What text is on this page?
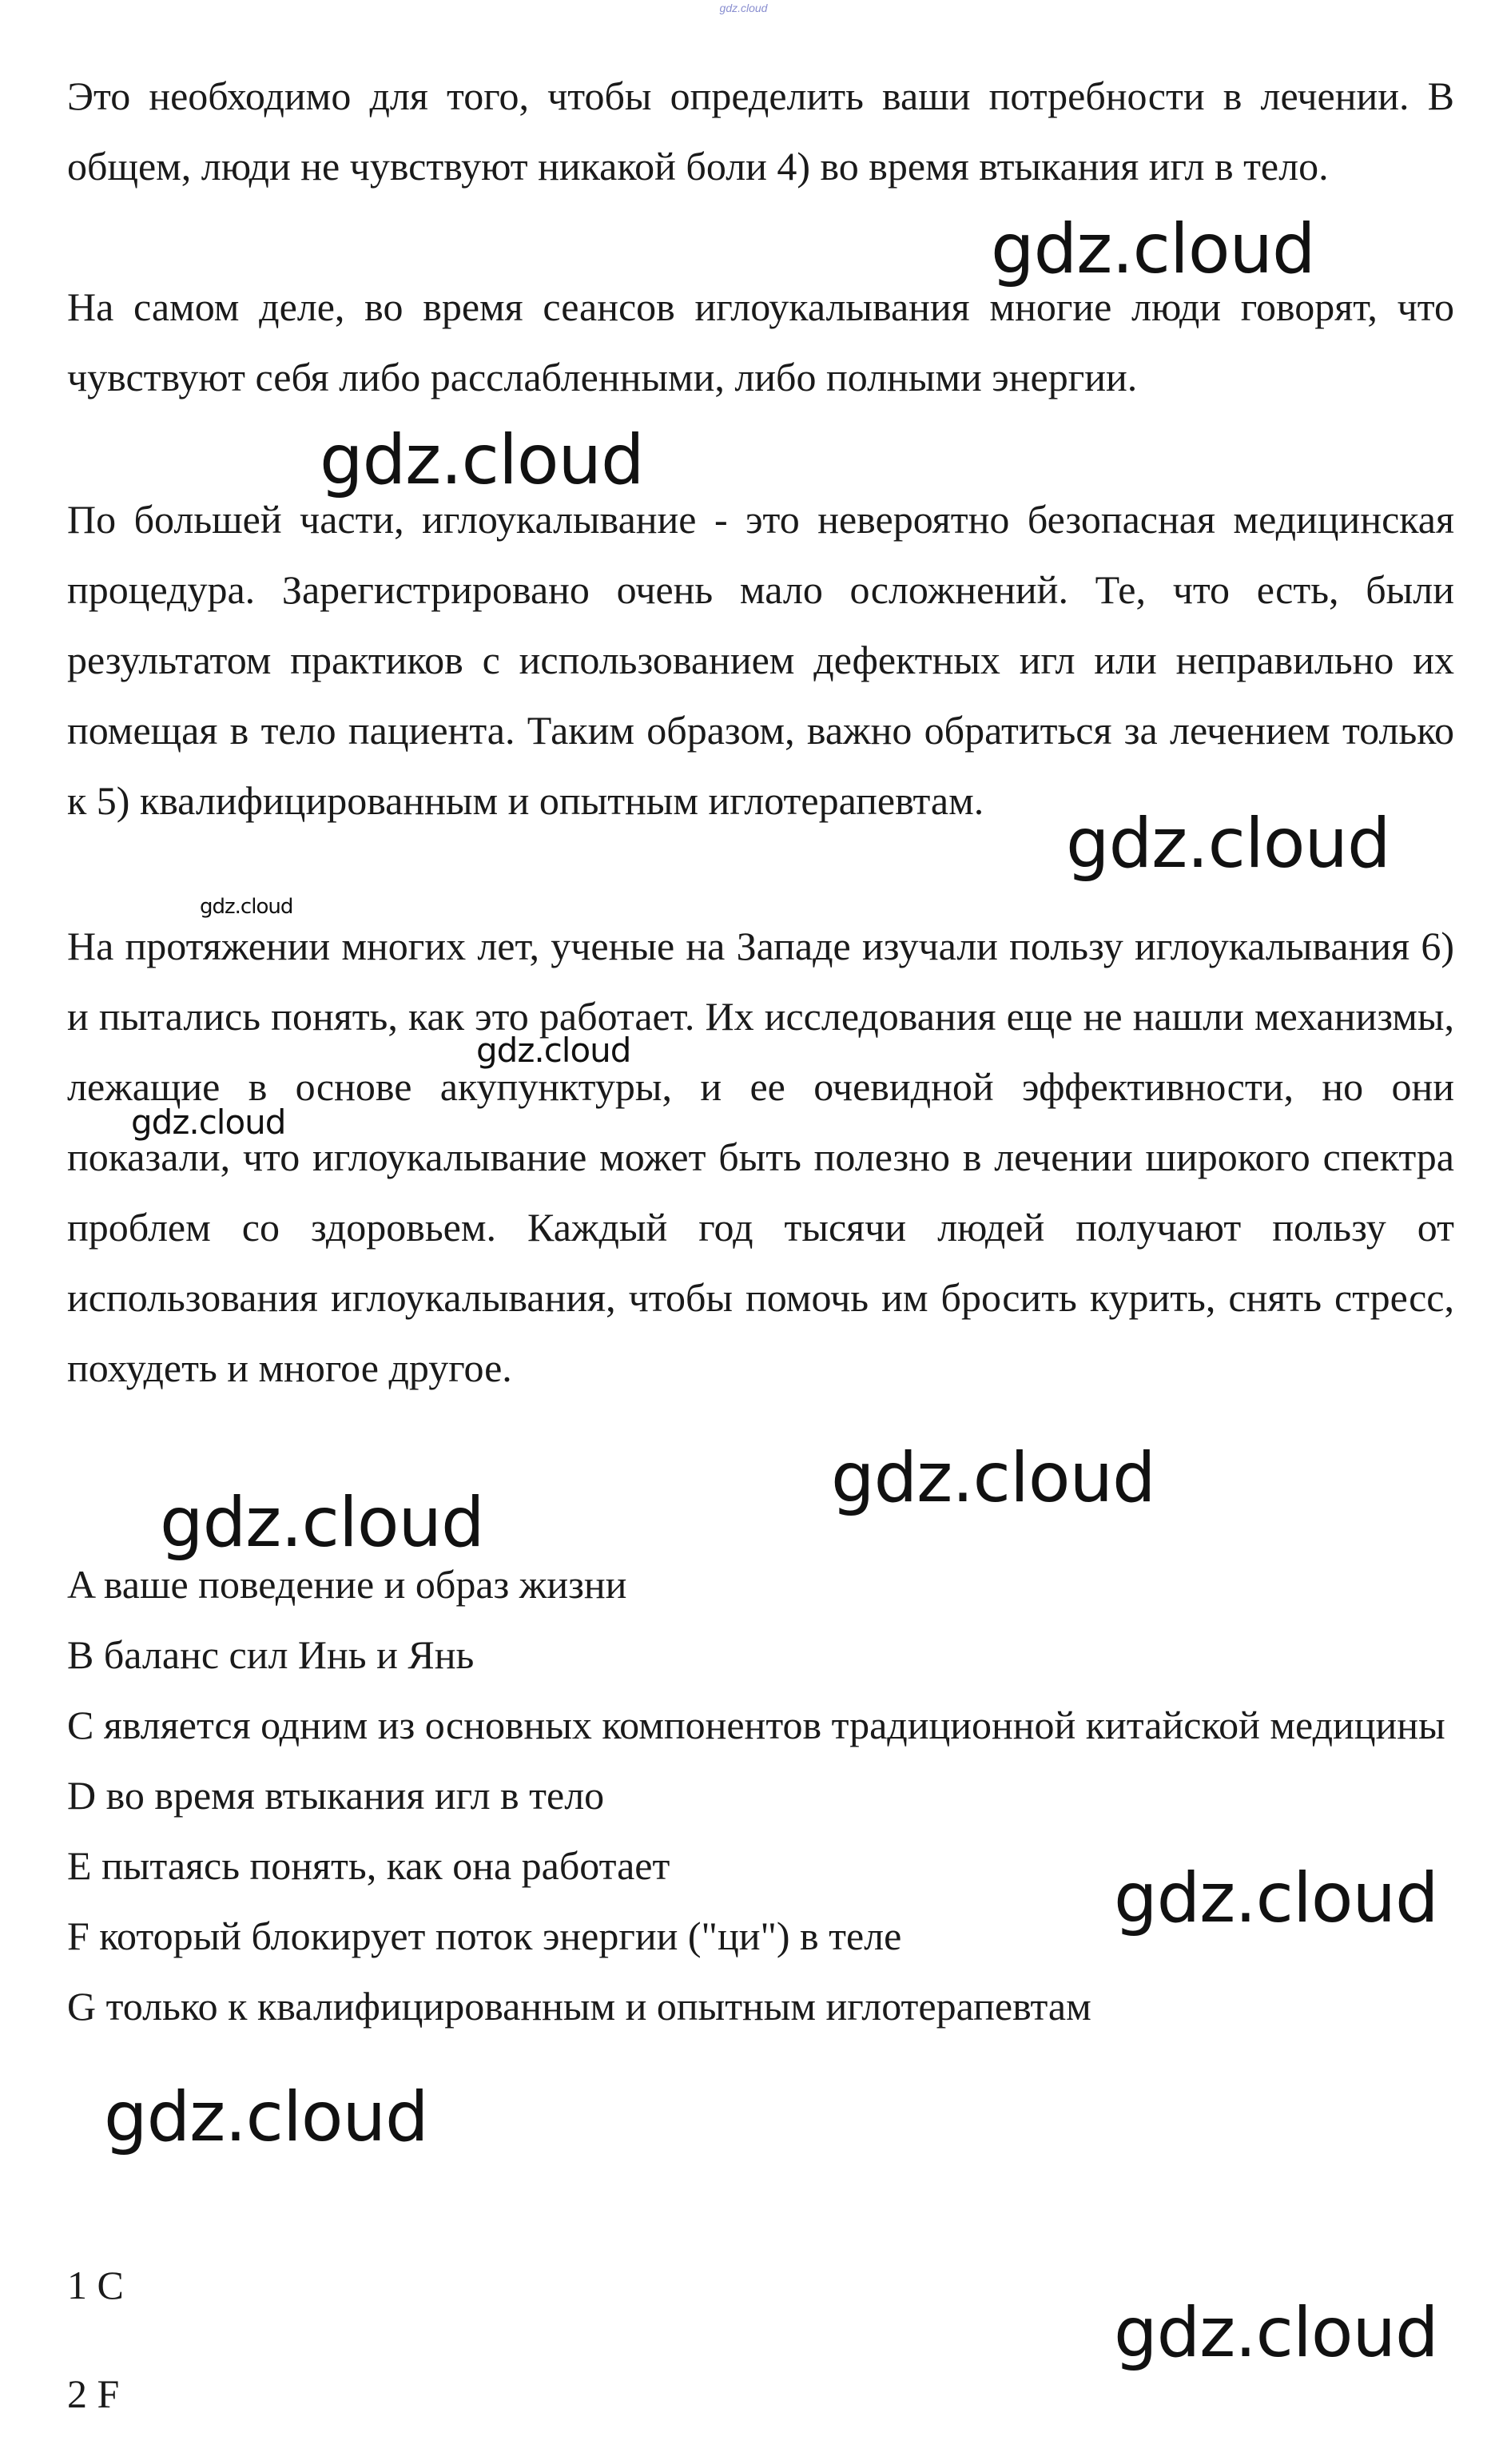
gdz.cloud

Это необходимо для того, чтобы определить ваши потребности в лечении. В общем, люди не чувствуют никакой боли 4) во время втыкания игл в тело.

На самом деле, во время сеансов иглоукалывания многие люди говорят, что чувствуют себя либо расслабленными, либо полными энергии.

По большей части, иглоукалывание - это невероятно безопасная медицинская процедура. Зарегистрировано очень мало осложнений. Те, что есть, были результатом практиков с использованием дефектных игл или неправильно их помещая в тело пациента. Таким образом, важно обратиться за лечением только к 5) квалифицированным и опытным иглотерапевтам.

На протяжении многих лет, ученые на Западе изучали пользу иглоукалывания 6) и пытались понять, как это работает. Их исследования еще не нашли механизмы, лежащие в основе акупунктуры, и ее очевидной эффективности, но они показали, что иглоукалывание может быть полезно в лечении широкого спектра проблем со здоровьем. Каждый год тысячи людей получают пользу от использования иглоукалывания, чтобы помочь им бросить курить, снять стресс, похудеть и многое другое.

A ваше поведение и образ жизни

B баланс сил Инь и Янь

C является одним из основных компонентов традиционной китайской медицины

D во время втыкания игл в тело

E пытаясь понять, как она работает

F который блокирует поток энергии ("ци") в теле

G только к квалифицированным и опытным иглотерапевтам

1 C
2 F
gdz.cloud
gdz.cloud
gdz.cloud
gdz.cloud
gdz.cloud
gdz.cloud
gdz.cloud
gdz.cloud
gdz.cloud
gdz.cloud
gdz.cloud
